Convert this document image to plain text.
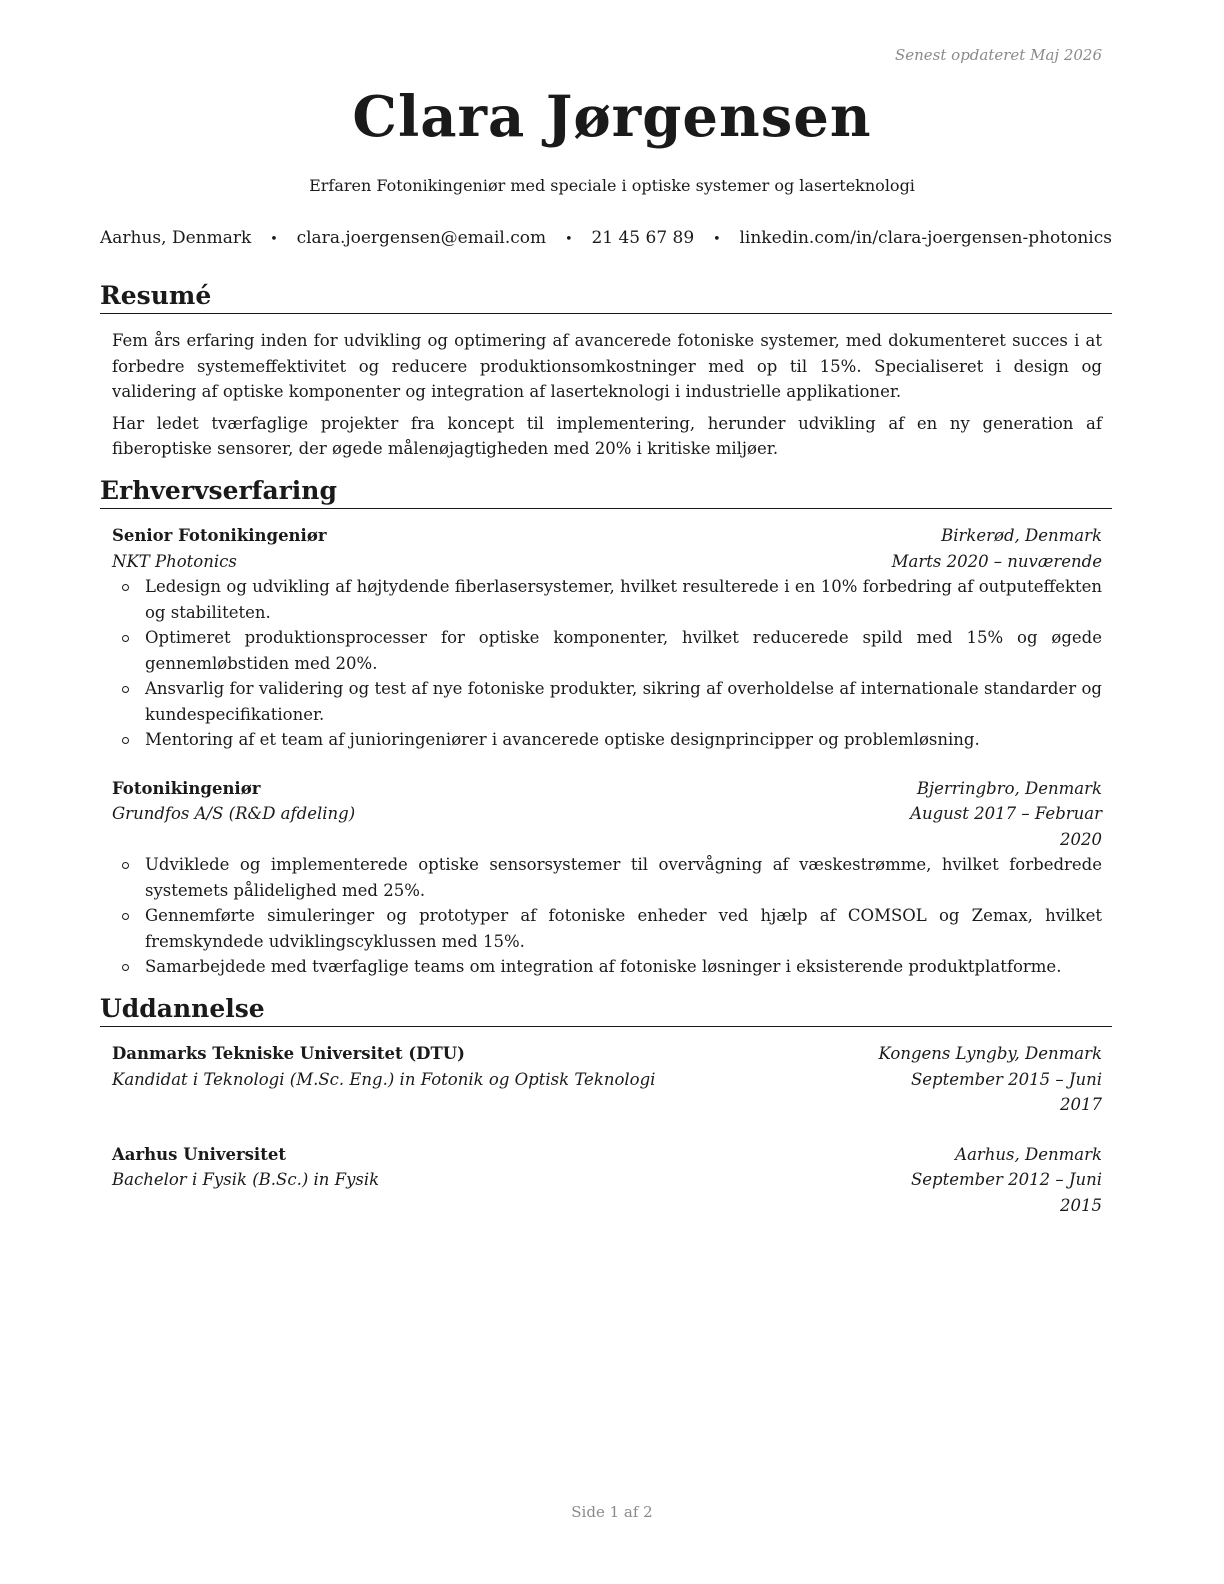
Senest opdateret Maj 2026
Clara Jørgensen
Erfaren Fotonikingeniør med speciale i optiske systemer og laserteknologi
Aarhus, Denmark • clara.joergensen@email.com • 21 45 67 89 • linkedin.com/in/clara-joergensen-photonics
Resumé

Fem års erfaring inden for udvikling og optimering af avancerede fotoniske systemer, med dokumenteret succes i at forbedre systemeffektivitet og reducere produktionsomkostninger med op til 15%. Specialiseret i design og validering af optiske komponenter og integration af laserteknologi i industrielle applikationer.

Har ledet tværfaglige projekter fra koncept til implementering, herunder udvikling af en ny generation af fiberoptiske sensorer, der øgede målenøjagtigheden med 20% i kritiske miljøer.

Erhvervserfaring
Senior Fotonikingeniør	Birkerød, Denmark
NKT Photonics	Marts 2020 – nuværende
Ledesign og udvikling af højtydende fiberlasersystemer, hvilket resulterede i en 10% forbedring af outputeffekten og stabiliteten.
Optimeret produktionsprocesser for optiske komponenter, hvilket reducerede spild med 15% og øgede gennemløbstiden med 20%.
Ansvarlig for validering og test af nye fotoniske produkter, sikring af overholdelse af internationale standarder og kundespecifikationer.
Mentoring af et team af junioringeniører i avancerede optiske designprincipper og problemløsning.
Fotonikingeniør	Bjerringbro, Denmark
Grundfos A/S (R&D afdeling)	August 2017 – Februar 2020
Udviklede og implementerede optiske sensorsystemer til overvågning af væskestrømme, hvilket forbedrede systemets pålidelighed med 25%.
Gennemførte simuleringer og prototyper af fotoniske enheder ved hjælp af COMSOL og Zemax, hvilket fremskyndede udviklingscyklussen med 15%.
Samarbejdede med tværfaglige teams om integration af fotoniske løsninger i eksisterende produktplatforme.
Uddannelse
Danmarks Tekniske Universitet (DTU)	Kongens Lyngby, Denmark
Kandidat i Teknologi (M.Sc. Eng.) in Fotonik og Optisk Teknologi	September 2015 – Juni 2017
Aarhus Universitet	Aarhus, Denmark
Bachelor i Fysik (B.Sc.) in Fysik	September 2012 – Juni 2015
Side 1 af 2
